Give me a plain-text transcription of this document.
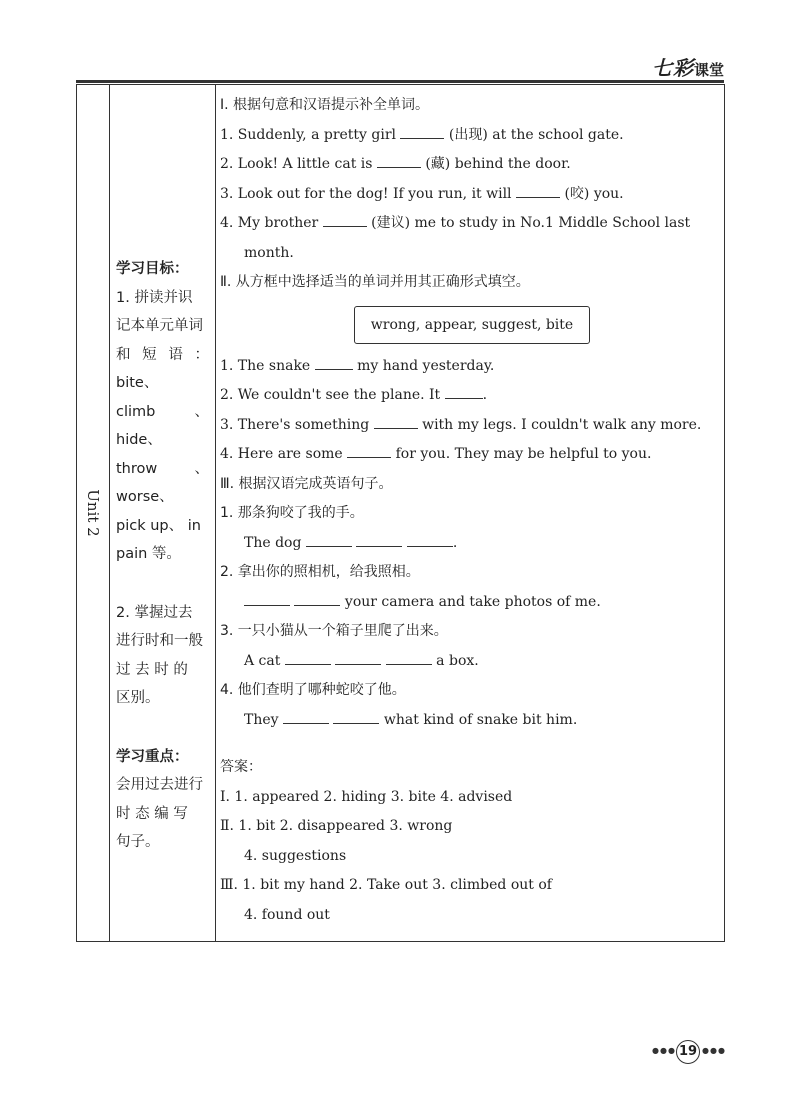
七彩课堂
Unit 2

学习目标：

1. 拼读并识

记本单元单词

和短语：bite、

climb、 hide、

throw、worse、

pick up、 in

pain 等。

2. 掌握过去

进行时和一般

过 去 时 的

区别。

学习重点：

会用过去进行

时 态 编 写

句子。

Ⅰ. 根据句意和汉语提示补全单词。

1. Suddenly, a pretty girl	(出现) at the school gate.

2. Look! A little cat is	(藏) behind the door.

3. Look out for the dog! If you run, it will	(咬) you.

4. My brother	(建议) me to study in No.1 Middle School last

month.

Ⅱ. 从方框中选择适当的单词并用其正确形式填空。

wrong, appear, suggest, bite

1. The snake	my hand yesterday.

2. We couldn't see the plane. It	.

3. There's something	with my legs. I couldn't walk any more.

4. Here are some	for you. They may be helpful to you.

Ⅲ. 根据汉语完成英语句子。

1. 那条狗咬了我的手。

The dog	.

2. 拿出你的照相机，给我照相。

your camera and take photos of me.

3. 一只小猫从一个箱子里爬了出来。

A cat	a box.

4. 他们查明了哪种蛇咬了他。

They	what kind of snake bit him.

答案：

Ⅰ. 1. appeared 2. hiding 3. bite 4. advised

Ⅱ. 1. bit 2. disappeared 3. wrong

4. suggestions

Ⅲ. 1. bit my hand 2. Take out 3. climbed out of

4. found out

●●● 19 ●●●
